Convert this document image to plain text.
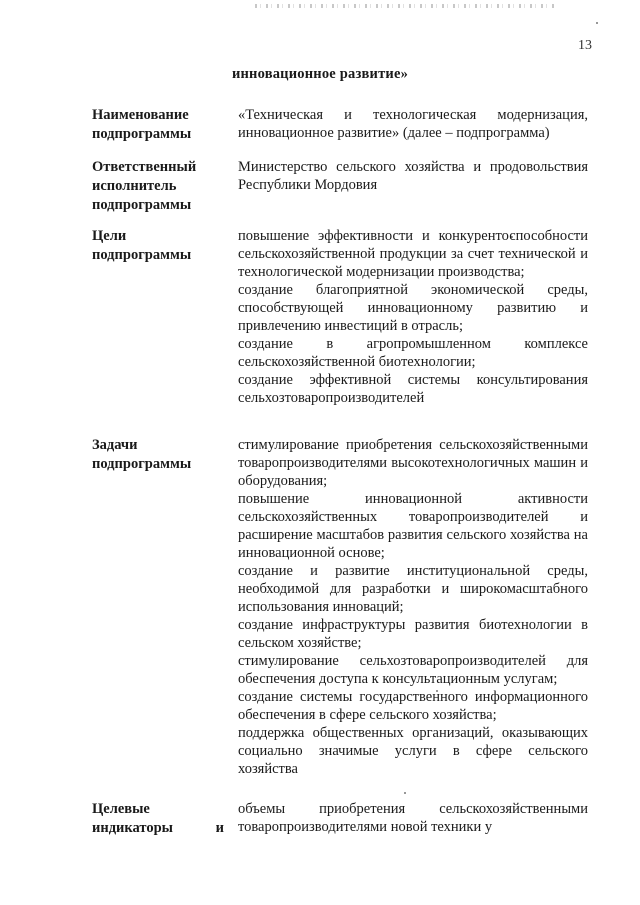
13
инновационное развитие»
Наименование
подпрограммы

«Техническая и технологическая модернизация, инновационное развитие» (далее – подпрограмма)

Ответственный
исполнитель
подпрограммы

Министерство сельского хозяйства и продовольствия Республики Мордовия

Цели
подпрограммы

повышение эффективности и конкурентоспособности сельскохозяйственной продукции за счет технической и технологической модернизации производства;

создание благоприятной экономической среды, способствующей инновационному развитию и привлечению инвестиций в отрасль;

создание в агропромышленном комплексе сельскохозяйственной биотехнологии;

создание эффективной системы консультирования сельхозтоваропроизводителей

Задачи
подпрограммы

стимулирование приобретения сельскохозяйственными товаропроизводителями высокотехнологичных машин и оборудования;

повышение инновационной активности сельскохозяйственных товаропроизводителей и расширение масштабов развития сельского хозяйства на инновационной основе;

создание и развитие институциональной среды, необходимой для разработки и широкомасштабного использования инноваций;

создание инфраструктуры развития биотехнологии в сельском хозяйстве;

стимулирование сельхозтоваропроизводителей для обеспечения доступа к консультационным услугам;

создание системы государственного информационного обеспечения в сфере сельского хозяйства;

поддержка общественных организаций, оказывающих социально значимые услуги в сфере сельского хозяйства

Целевые
индикаторы	и

объемы приобретения сельскохозяйственными товаропроизводителями новой техники у
